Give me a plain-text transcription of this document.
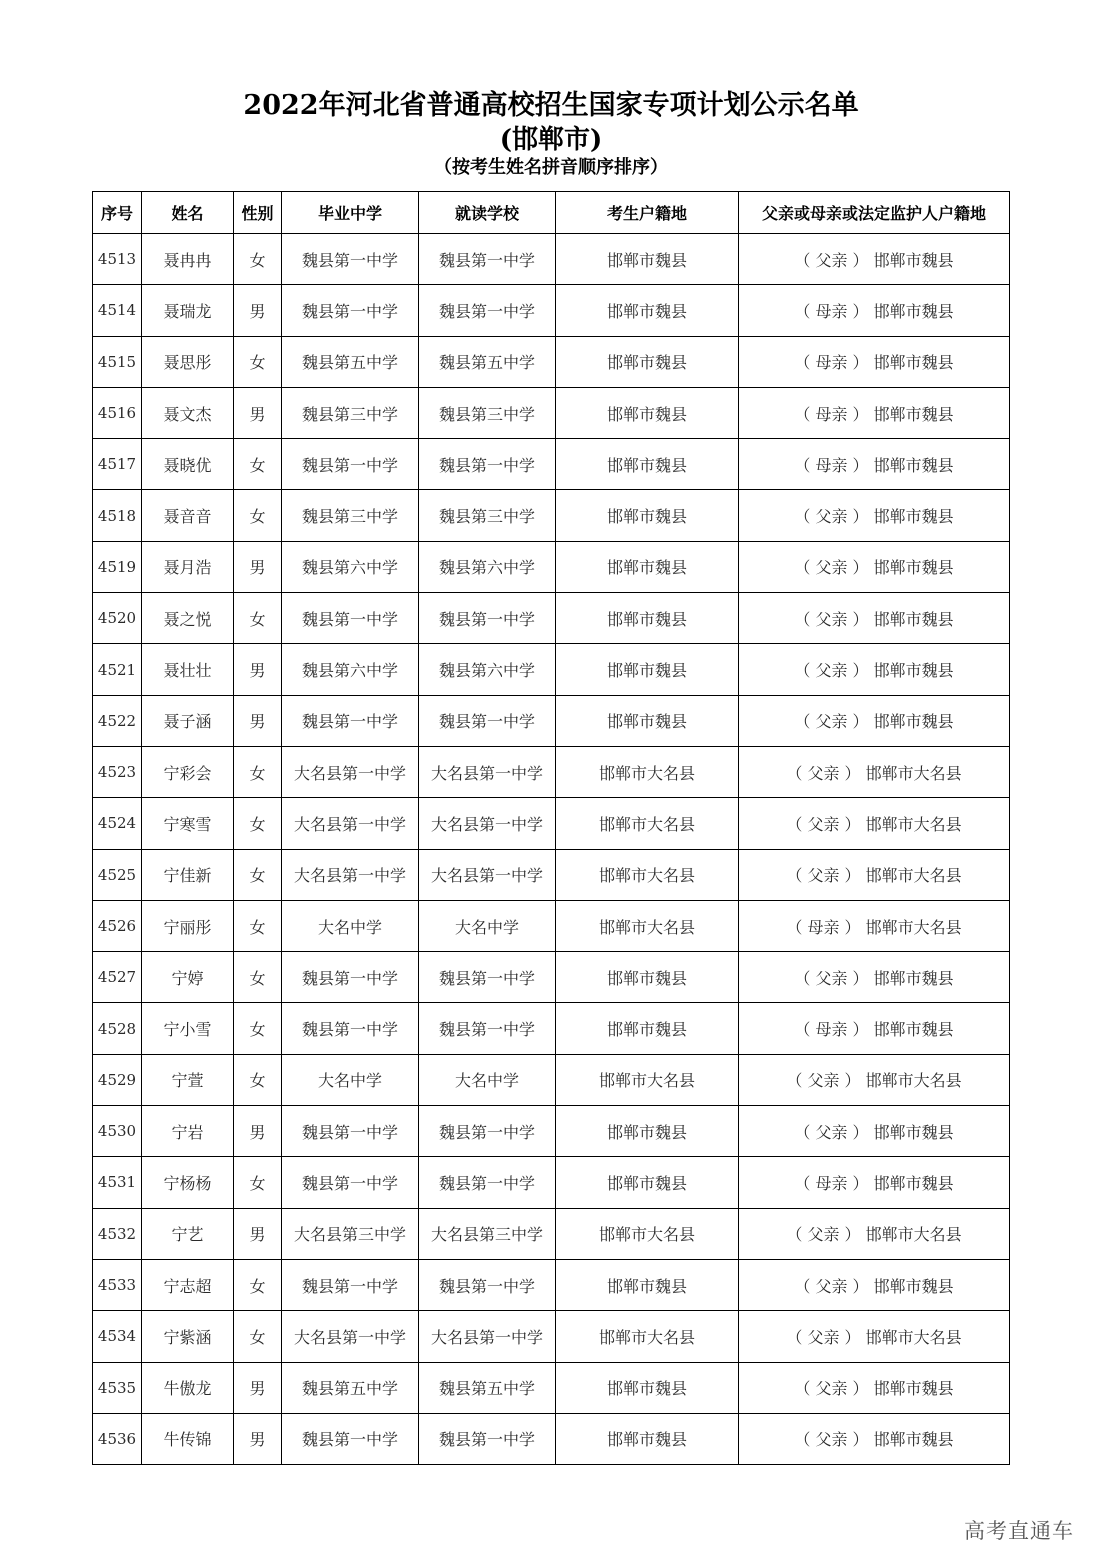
2022年河北省普通高校招生国家专项计划公示名单
(邯郸市)
（按考生姓名拼音顺序排序）
序号	姓名	性别	毕业中学	就读学校	考生户籍地	父亲或母亲或法定监护人户籍地
4513	聂冉冉	女	魏县第一中学	魏县第一中学	邯郸市魏县	（ 父亲 ） 邯郸市魏县
4514	聂瑞龙	男	魏县第一中学	魏县第一中学	邯郸市魏县	（ 母亲 ） 邯郸市魏县
4515	聂思彤	女	魏县第五中学	魏县第五中学	邯郸市魏县	（ 母亲 ） 邯郸市魏县
4516	聂文杰	男	魏县第三中学	魏县第三中学	邯郸市魏县	（ 母亲 ） 邯郸市魏县
4517	聂晓优	女	魏县第一中学	魏县第一中学	邯郸市魏县	（ 母亲 ） 邯郸市魏县
4518	聂音音	女	魏县第三中学	魏县第三中学	邯郸市魏县	（ 父亲 ） 邯郸市魏县
4519	聂月浩	男	魏县第六中学	魏县第六中学	邯郸市魏县	（ 父亲 ） 邯郸市魏县
4520	聂之悦	女	魏县第一中学	魏县第一中学	邯郸市魏县	（ 父亲 ） 邯郸市魏县
4521	聂壮壮	男	魏县第六中学	魏县第六中学	邯郸市魏县	（ 父亲 ） 邯郸市魏县
4522	聂子涵	男	魏县第一中学	魏县第一中学	邯郸市魏县	（ 父亲 ） 邯郸市魏县
4523	宁彩会	女	大名县第一中学	大名县第一中学	邯郸市大名县	（ 父亲 ） 邯郸市大名县
4524	宁寒雪	女	大名县第一中学	大名县第一中学	邯郸市大名县	（ 父亲 ） 邯郸市大名县
4525	宁佳新	女	大名县第一中学	大名县第一中学	邯郸市大名县	（ 父亲 ） 邯郸市大名县
4526	宁丽彤	女	大名中学	大名中学	邯郸市大名县	（ 母亲 ） 邯郸市大名县
4527	宁婷	女	魏县第一中学	魏县第一中学	邯郸市魏县	（ 父亲 ） 邯郸市魏县
4528	宁小雪	女	魏县第一中学	魏县第一中学	邯郸市魏县	（ 母亲 ） 邯郸市魏县
4529	宁萱	女	大名中学	大名中学	邯郸市大名县	（ 父亲 ） 邯郸市大名县
4530	宁岩	男	魏县第一中学	魏县第一中学	邯郸市魏县	（ 父亲 ） 邯郸市魏县
4531	宁杨杨	女	魏县第一中学	魏县第一中学	邯郸市魏县	（ 母亲 ） 邯郸市魏县
4532	宁艺	男	大名县第三中学	大名县第三中学	邯郸市大名县	（ 父亲 ） 邯郸市大名县
4533	宁志超	女	魏县第一中学	魏县第一中学	邯郸市魏县	（ 父亲 ） 邯郸市魏县
4534	宁紫涵	女	大名县第一中学	大名县第一中学	邯郸市大名县	（ 父亲 ） 邯郸市大名县
4535	牛傲龙	男	魏县第五中学	魏县第五中学	邯郸市魏县	（ 父亲 ） 邯郸市魏县
4536	牛传锦	男	魏县第一中学	魏县第一中学	邯郸市魏县	（ 父亲 ） 邯郸市魏县
高考直通车
